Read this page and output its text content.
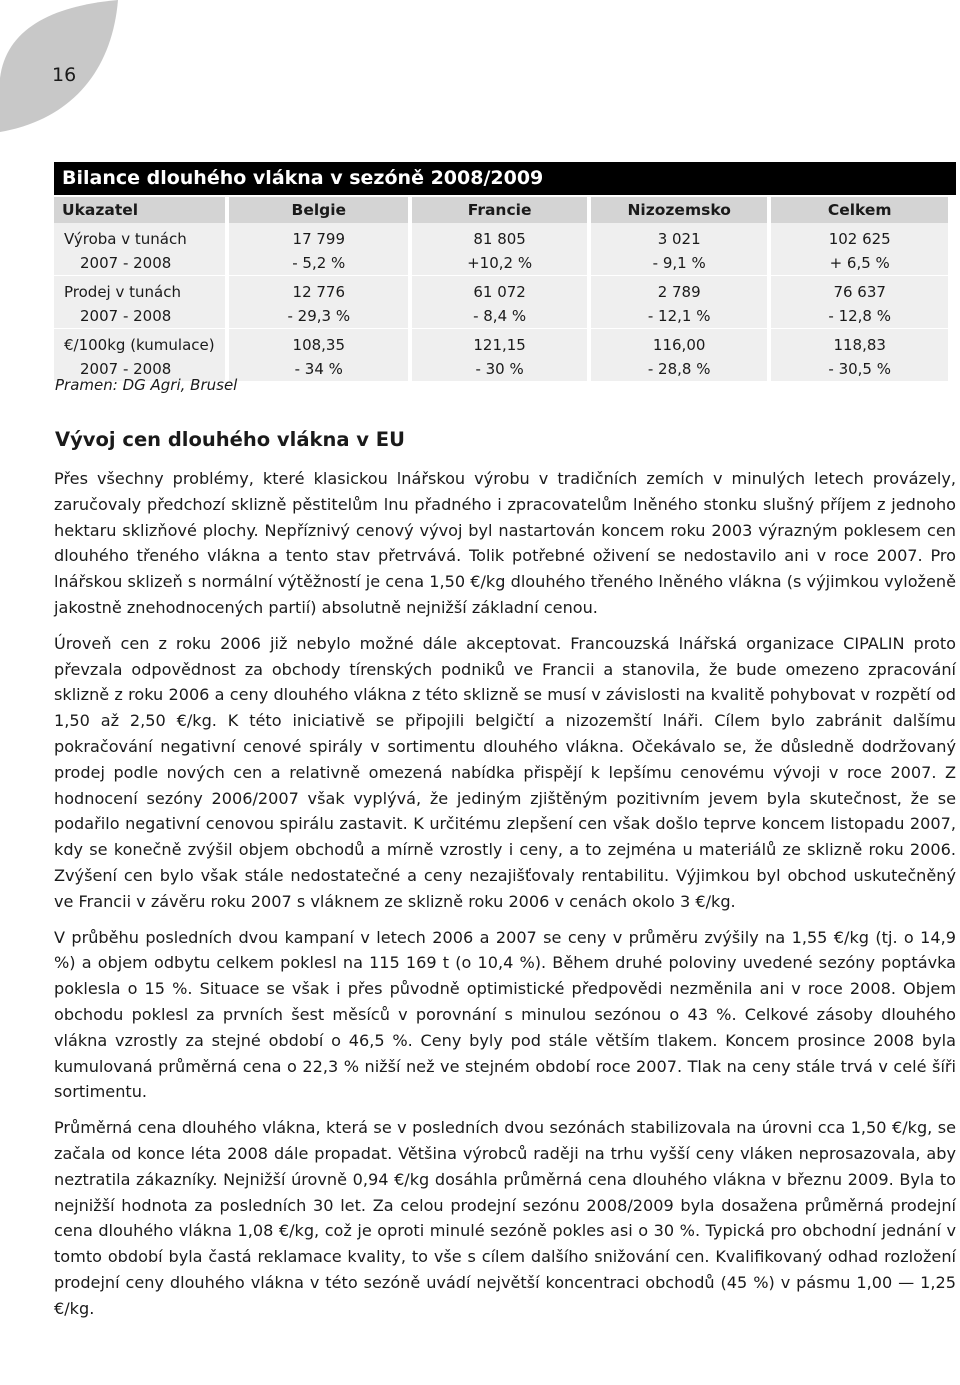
16
Bilance dlouhého vlákna v sezóně 2008/2009
Ukazatel	Belgie	Francie	Nizozemsko	Celkem
Výroba v tunách	17 799	81 805	3 021	102 625
2007 - 2008	- 5,2 %	+10,2 %	- 9,1 %	+ 6,5 %
Prodej v tunách	12 776	61 072	2 789	76 637
2007 - 2008	- 29,3 %	- 8,4 %	- 12,1 %	- 12,8 %
€/100kg (kumulace)	108,35	121,15	116,00	118,83
2007 - 2008	- 34 %	- 30 %	- 28,8 %	- 30,5 %
Pramen: DG Agri, Brusel
Vývoj cen dlouhého vlákna v EU

Přes všechny problémy, které klasickou lnářskou výrobu v tradičních zemích v minulých letech provázely, zaručovaly předchozí sklizně pěstitelům lnu přadného i zpracovatelům lněného stonku slušný příjem z jednoho hektaru sklizňové plochy. Nepříznivý cenový vývoj byl nastartován koncem roku 2003 výrazným poklesem cen dlouhého třeného vlákna a tento stav přetrvává. Tolik potřebné oživení se nedostavilo ani v roce 2007. Pro lnářskou sklizeň s normální výtěžností je cena 1,50 €/kg dlouhého třeného lněného vlákna (s výjimkou vyloženě jakostně znehodnocených partií) absolutně nejnižší základní cenou.

Úroveň cen z roku 2006 již nebylo možné dále akceptovat. Francouzská lnářská organizace CIPALIN proto převzala odpovědnost za obchody tírenských podniků ve Francii a stanovila, že bude omezeno zpracování sklizně z roku 2006 a ceny dlouhého vlákna z této sklizně se musí v závislosti na kvalitě pohybovat v rozpětí od 1,50 až 2,50 €/kg. K této iniciativě se připojili belgičtí a nizozemští lnáři. Cílem bylo zabránit dalšímu pokračování negativní cenové spirály v sortimentu dlouhého vlákna. Očekávalo se, že důsledně dodržovaný prodej podle nových cen a relativně omezená nabídka přispějí k lepšímu cenovému vývoji v roce 2007. Z hodnocení sezóny 2006/2007 však vyplývá, že jediným zjištěným pozitivním jevem byla skutečnost, že se podařilo negativní cenovou spirálu zastavit. K určitému zlepšení cen však došlo teprve koncem listopadu 2007, kdy se konečně zvýšil objem obchodů a mírně vzrostly i ceny, a to zejména u materiálů ze sklizně roku 2006. Zvýšení cen bylo však stále nedostatečné a ceny nezajišťovaly rentabilitu. Výjimkou byl obchod uskutečněný ve Francii v závěru roku 2007 s vláknem ze sklizně roku 2006 v cenách okolo 3 €/kg.

V průběhu posledních dvou kampaní v letech 2006 a 2007 se ceny v průměru zvýšily na 1,55 €/kg (tj. o 14,9 %) a objem odbytu celkem poklesl na 115 169 t (o 10,4 %). Během druhé poloviny uvedené sezóny poptávka poklesla o 15 %. Situace se však i přes původně optimistické předpovědi nezměnila ani v roce 2008. Objem obchodu poklesl za prvních šest měsíců v porovnání s minulou sezónou o 43 %. Celkové zásoby dlouhého vlákna vzrostly za stejné období o 46,5 %. Ceny byly pod stále větším tlakem. Koncem prosince 2008 byla kumulovaná průměrná cena o 22,3 % nižší než ve stejném období roce 2007. Tlak na ceny stále trvá v celé šíři sortimentu.

Průměrná cena dlouhého vlákna, která se v posledních dvou sezónách stabilizovala na úrovni cca 1,50 €/kg, se začala od konce léta 2008 dále propadat. Většina výrobců raději na trhu vyšší ceny vláken neprosazovala, aby neztratila zákazníky. Nejnižší úrovně 0,94 €/kg dosáhla průměrná cena dlouhého vlákna v březnu 2009. Byla to nejnižší hodnota za posledních 30 let. Za celou prodejní sezónu 2008/2009 byla dosažena průměrná prodejní cena dlouhého vlákna 1,08 €/kg, což je oproti minulé sezóně pokles asi o 30 %. Typická pro obchodní jednání v tomto období byla častá reklamace kvality, to vše s cílem dalšího snižování cen. Kvalifikovaný odhad rozložení prodejní ceny dlouhého vlákna v této sezóně uvádí největší koncentraci obchodů (45 %) v pásmu 1,00 — 1,25 €/kg.
